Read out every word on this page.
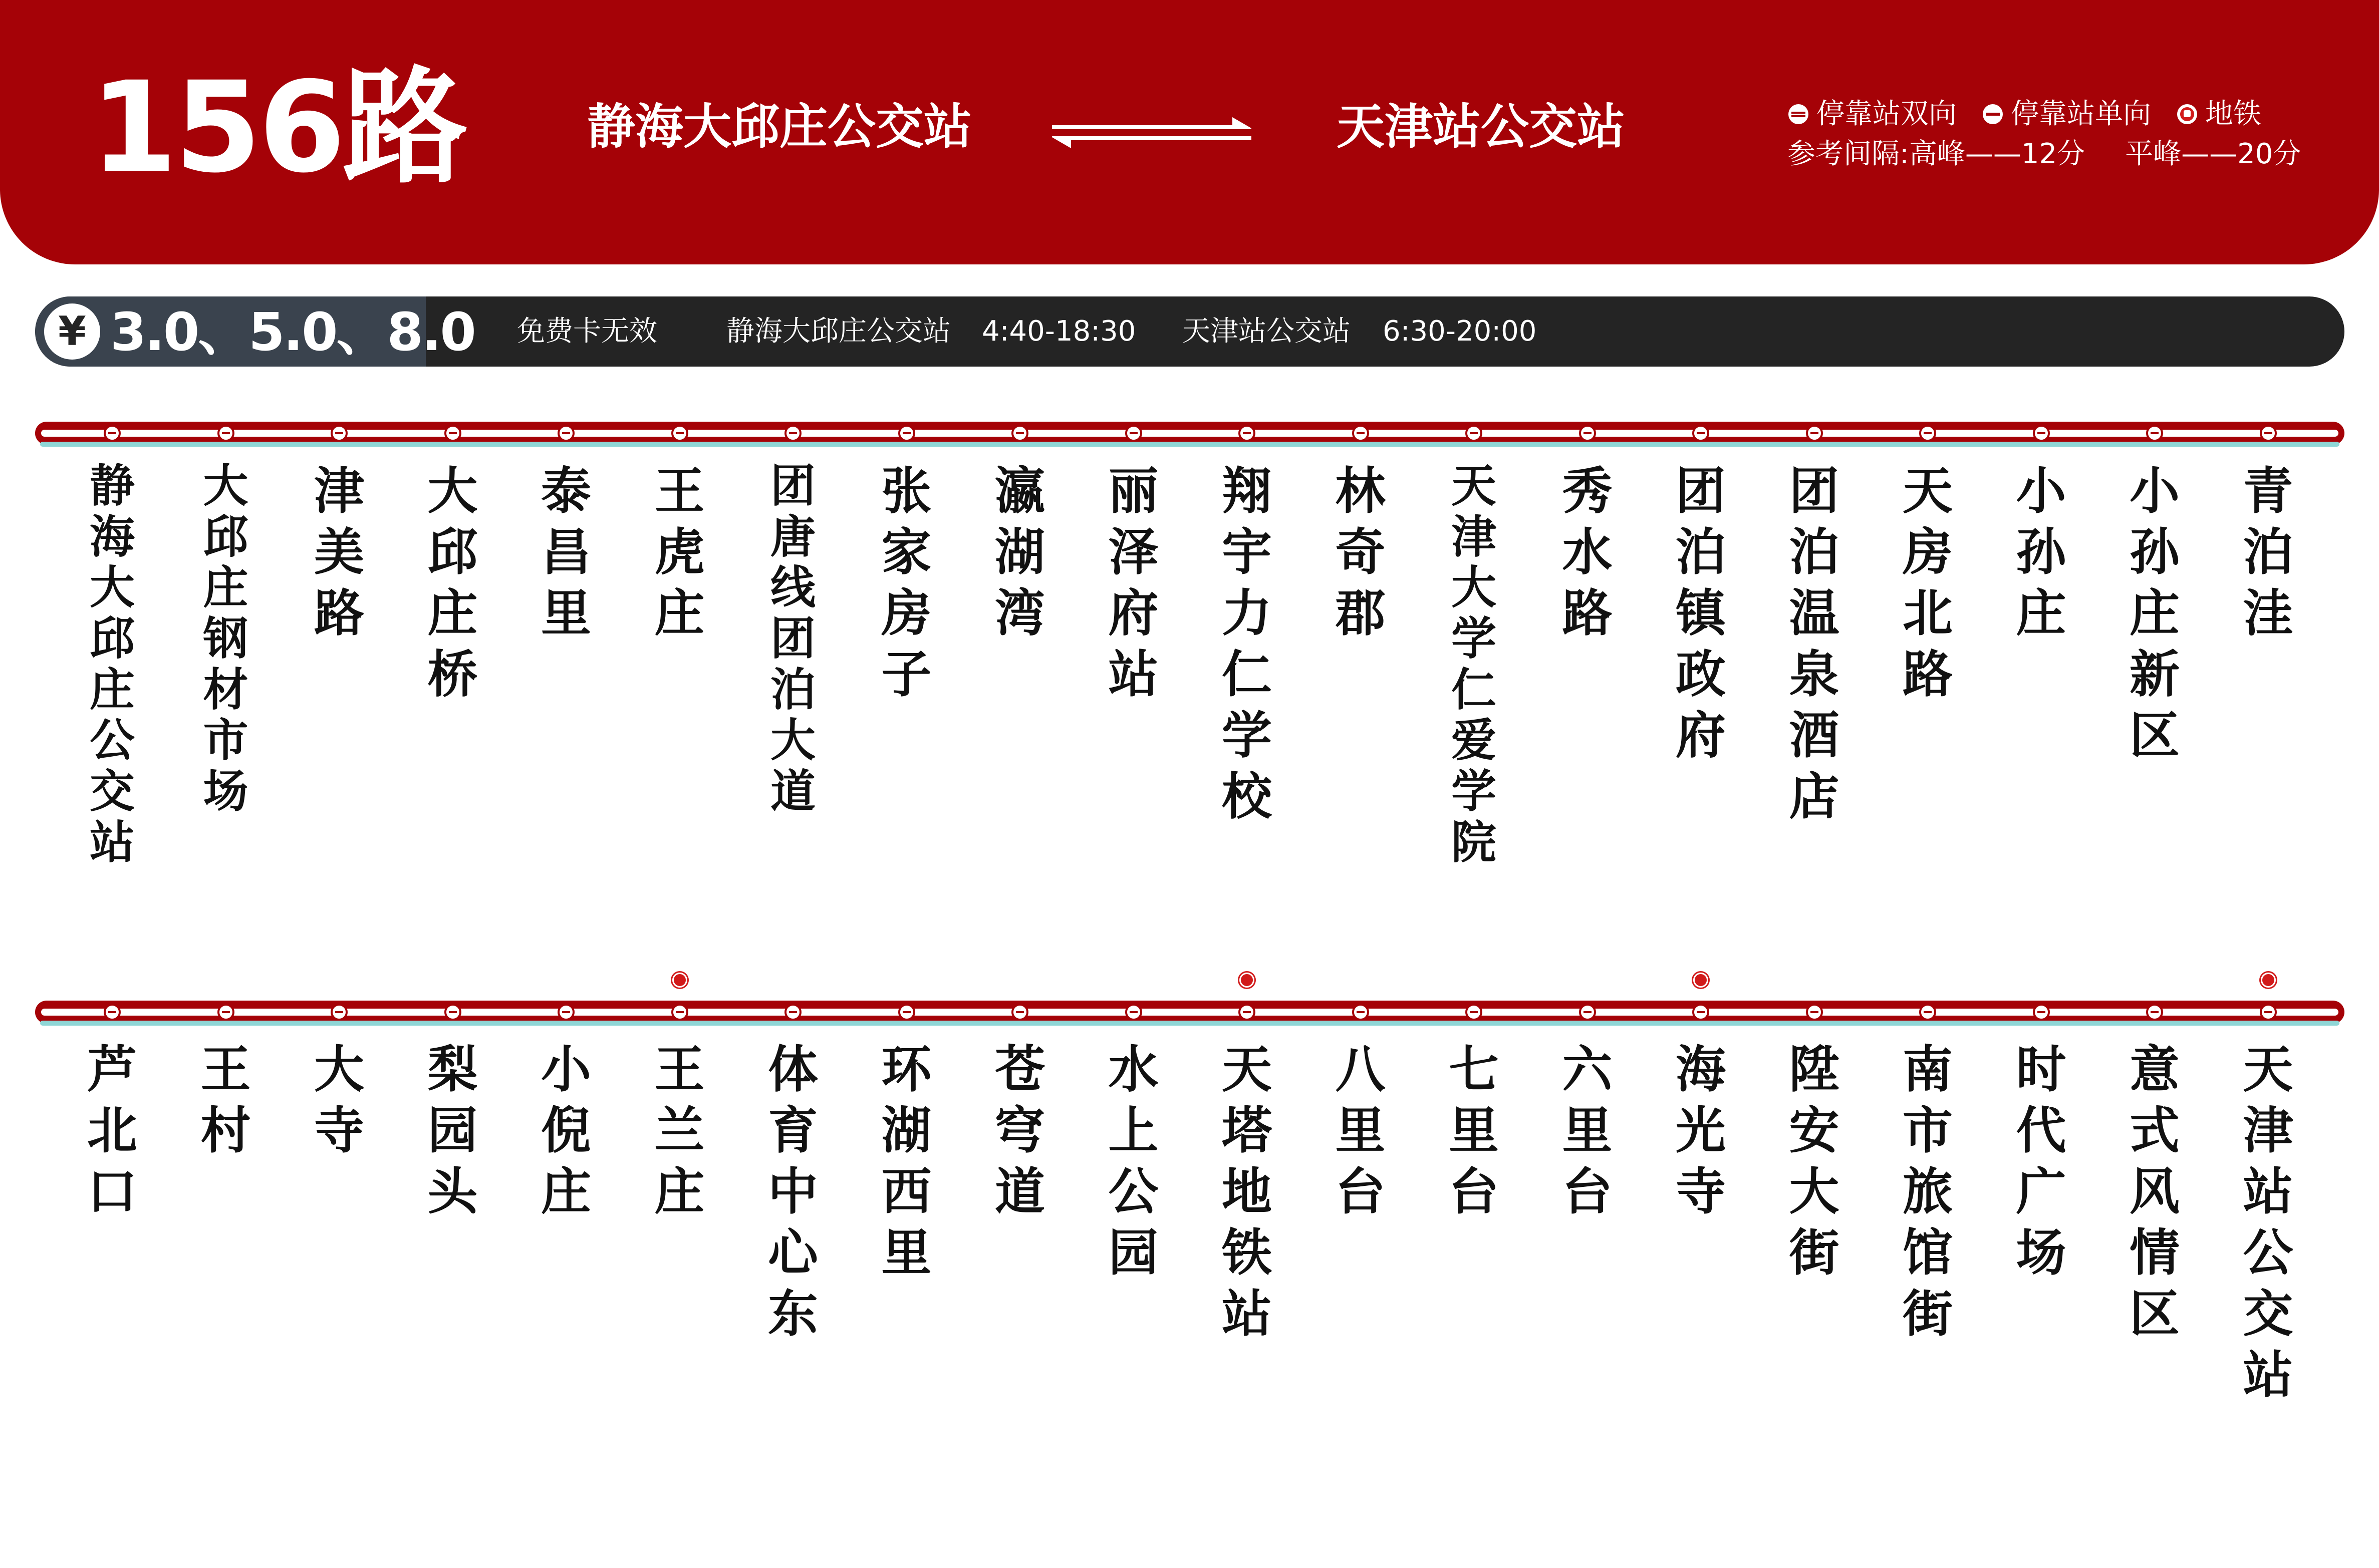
156路	静海大邱庄公交站	天津站公交站	停靠站双向 停靠站单向 地铁
参考间隔:高峰——12分 平峰——20分
¥ 3.0、5.0、8.0 免费卡无效 静海大邱庄公交站 4:40-18:30 天津站公交站 6:30-20:00
静海大邱庄公交站
大邱庄钢材市场
津美路
大邱庄桥
泰昌里
王虎庄
团唐线团泊大道
张家房子
瀛湖湾
丽泽府站
翔宇力仁学校
林奇郡
天津大学仁爱学院
秀水路
团泊镇政府
团泊温泉酒店
天房北路
小孙庄
小孙庄新区
青泊洼
芦北口
王村
大寺
梨园头
小倪庄
王兰庄
体育中心东
环湖西里
苍穹道
水上公园
天塔地铁站
八里台
七里台
六里台
海光寺
陞安大街
南市旅馆街
时代广场
意式风情区
天津站公交站
